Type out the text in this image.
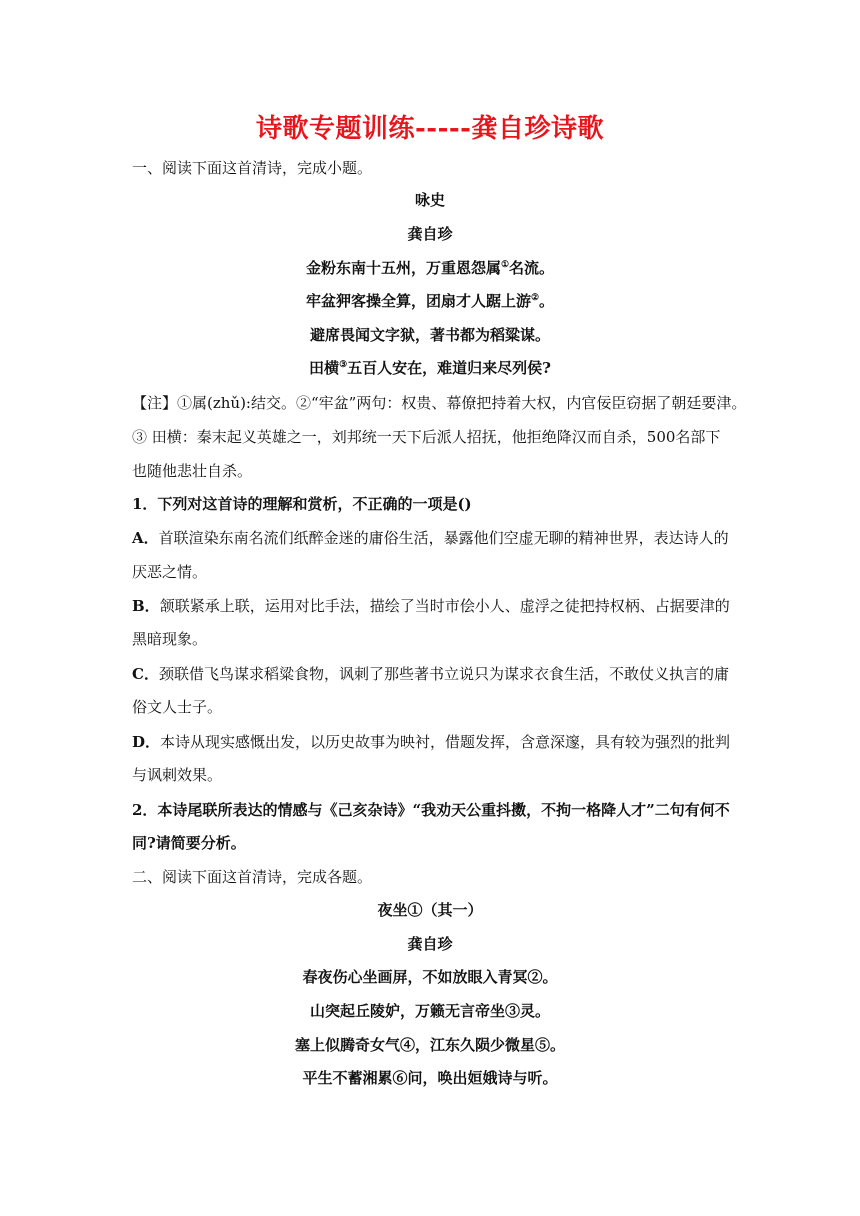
诗歌专题训练-----龚自珍诗歌
一、阅读下面这首清诗，完成小题。
咏史
龚自珍
金粉东南十五州，万重恩怨属①名流。
牢盆狎客操全算，团扇才人踞上游②。
避席畏闻文字狱，著书都为稻粱谋。
田横③五百人安在，难道归来尽列侯?
【注】①属(zhǔ):结交。②“牢盆”两句：权贵、幕僚把持着大权，内官佞臣窃据了朝廷要津。
③ 田横：秦末起义英雄之一，刘邦统一天下后派人招抚，他拒绝降汉而自杀，500名部下
也随他悲壮自杀。
1．下列对这首诗的理解和赏析，不正确的一项是()
A．首联渲染东南名流们纸醉金迷的庸俗生活，暴露他们空虚无聊的精神世界，表达诗人的
厌恶之情。
B．颔联紧承上联，运用对比手法，描绘了当时市侩小人、虚浮之徒把持权柄、占据要津的
黑暗现象。
C．颈联借飞鸟谋求稻粱食物，讽刺了那些著书立说只为谋求衣食生活，不敢仗义执言的庸
俗文人士子。
D．本诗从现实感慨出发，以历史故事为映衬，借题发挥，含意深邃，具有较为强烈的批判
与讽刺效果。
2．本诗尾联所表达的情感与《己亥杂诗》“我劝天公重抖擞，不拘一格降人才”二句有何不
同?请简要分析。
二、阅读下面这首清诗，完成各题。
夜坐①（其一）
龚自珍
春夜伤心坐画屏，不如放眼入青冥②。
山突起丘陵妒，万籁无言帝坐③灵。
塞上似腾奇女气④，江东久陨少微星⑤。
平生不蓄湘累⑥问，唤出姮娥诗与听。
